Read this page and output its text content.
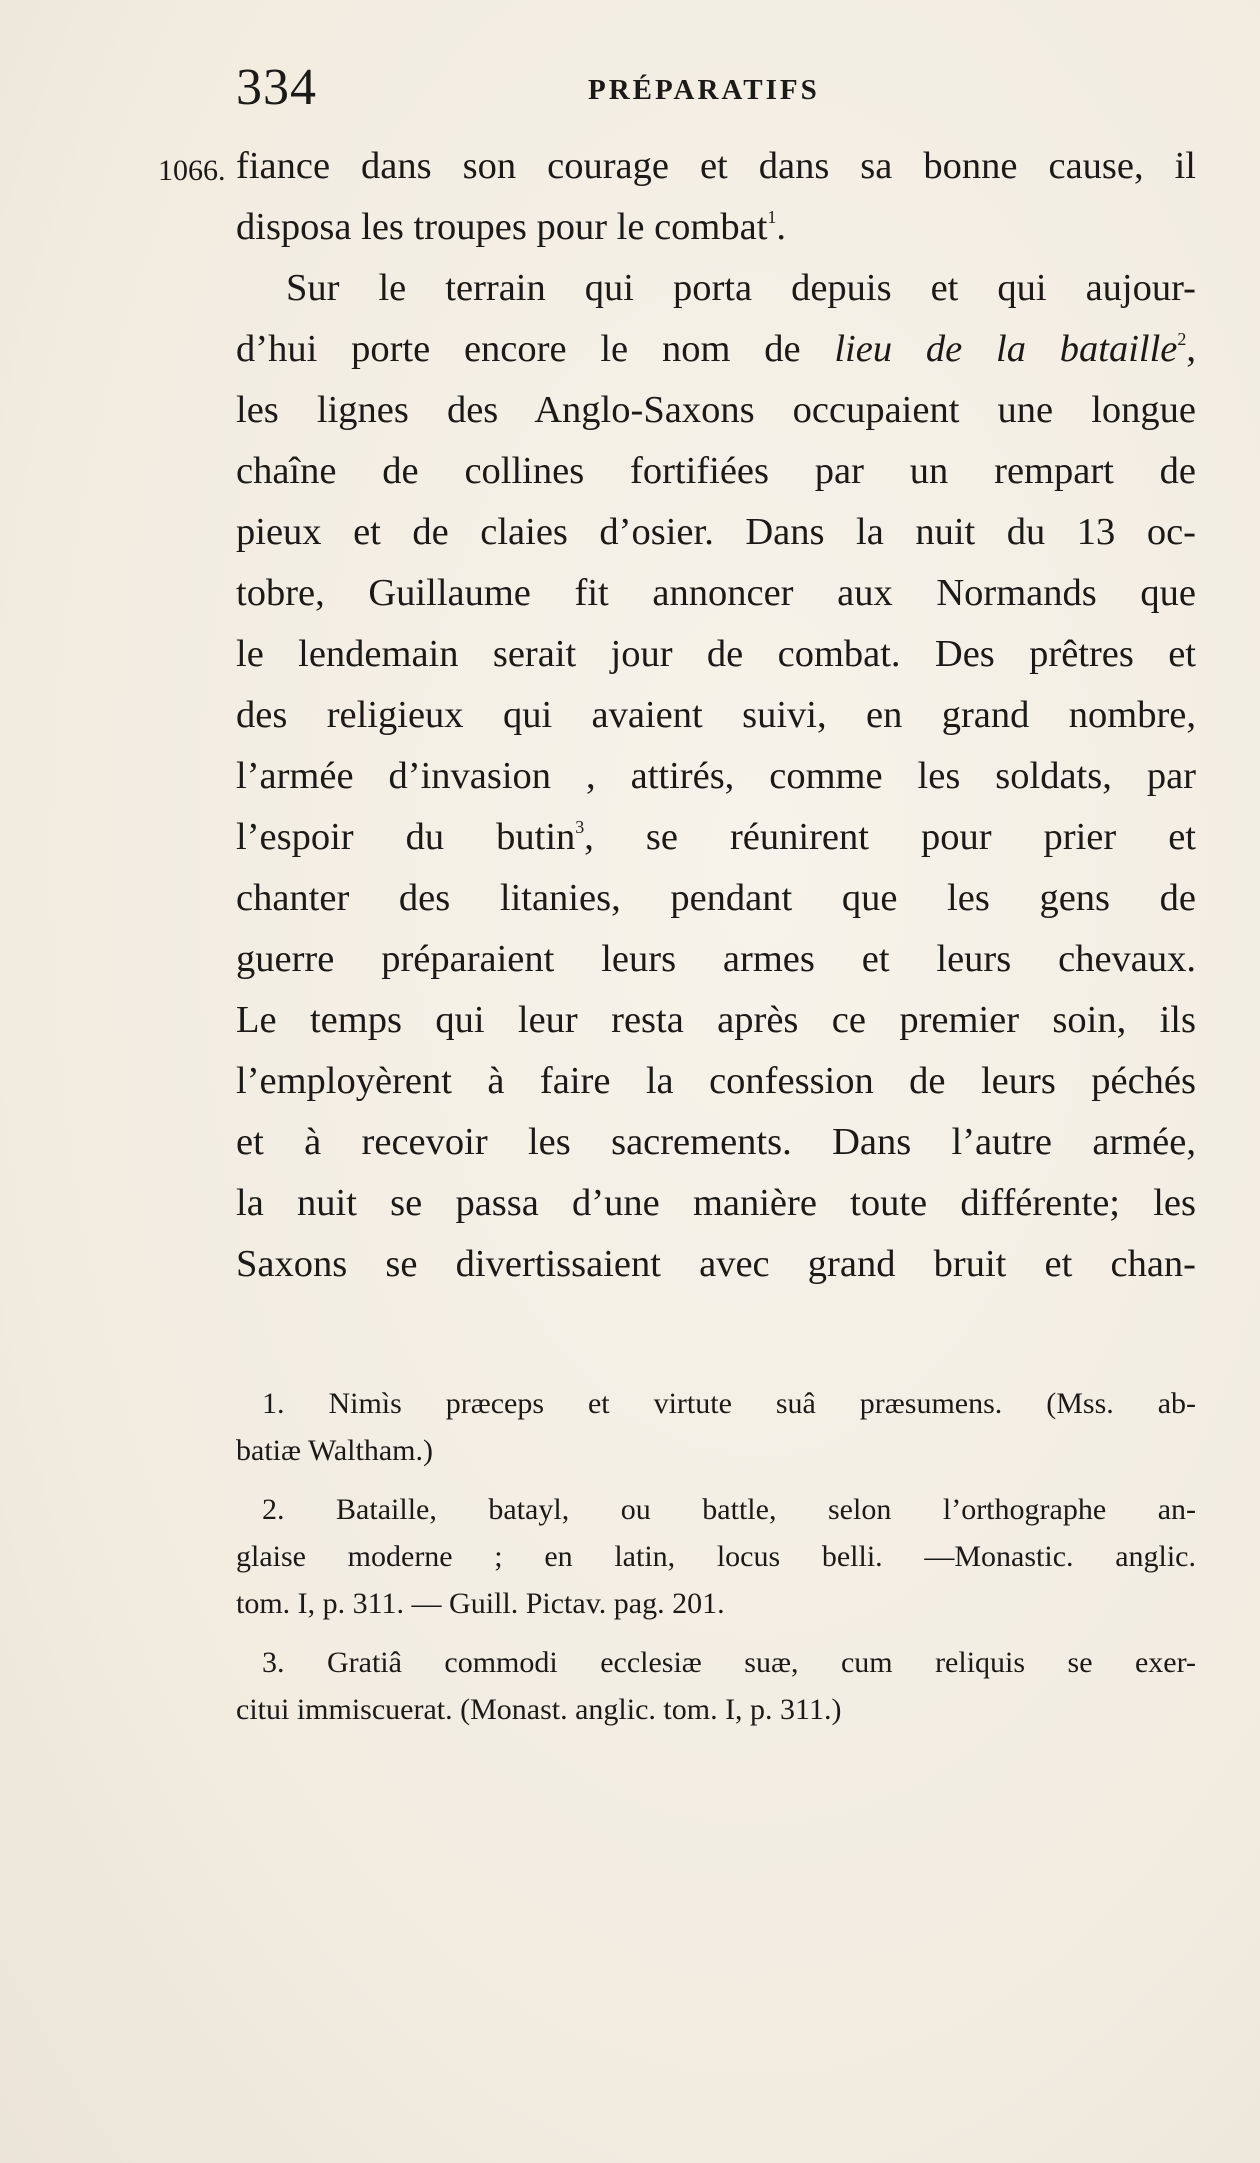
334	PRÉPARATIFS
1066. fiance dans son courage et dans sa bonne cause, il
disposa les troupes pour le combat$^1$.
Sur le terrain qui porta depuis et qui aujour-
d’hui porte encore le nom de lieu de la bataille$^2$,
les lignes des Anglo-Saxons occupaient une longue
chaîne de collines fortifiées par un rempart de
pieux et de claies d’osier. Dans la nuit du 13 oc-
tobre, Guillaume fit annoncer aux Normands que
le lendemain serait jour de combat. Des prêtres et
des religieux qui avaient suivi, en grand nombre,
l’armée d’invasion , attirés, comme les soldats, par
l’espoir du butin$^3$, se réunirent pour prier et
chanter des litanies, pendant que les gens de
guerre préparaient leurs armes et leurs chevaux.
Le temps qui leur resta après ce premier soin, ils
l’employèrent à faire la confession de leurs péchés
et à recevoir les sacrements. Dans l’autre armée,
la nuit se passa d’une manière toute différente; les
Saxons se divertissaient avec grand bruit et chan-
1. Nimìs præceps et virtute suâ præsumens. (Mss. ab-
batiæ Waltham.)
2. Bataille, batayl, ou battle, selon l’orthographe an-
glaise moderne ; en latin, locus belli. —Monastic. anglic.
tom. I, p. 311. — Guill. Pictav. pag. 201.
3. Gratiâ commodi ecclesiæ suæ, cum reliquis se exer-
citui immiscuerat. (Monast. anglic. tom. I, p. 311.)
